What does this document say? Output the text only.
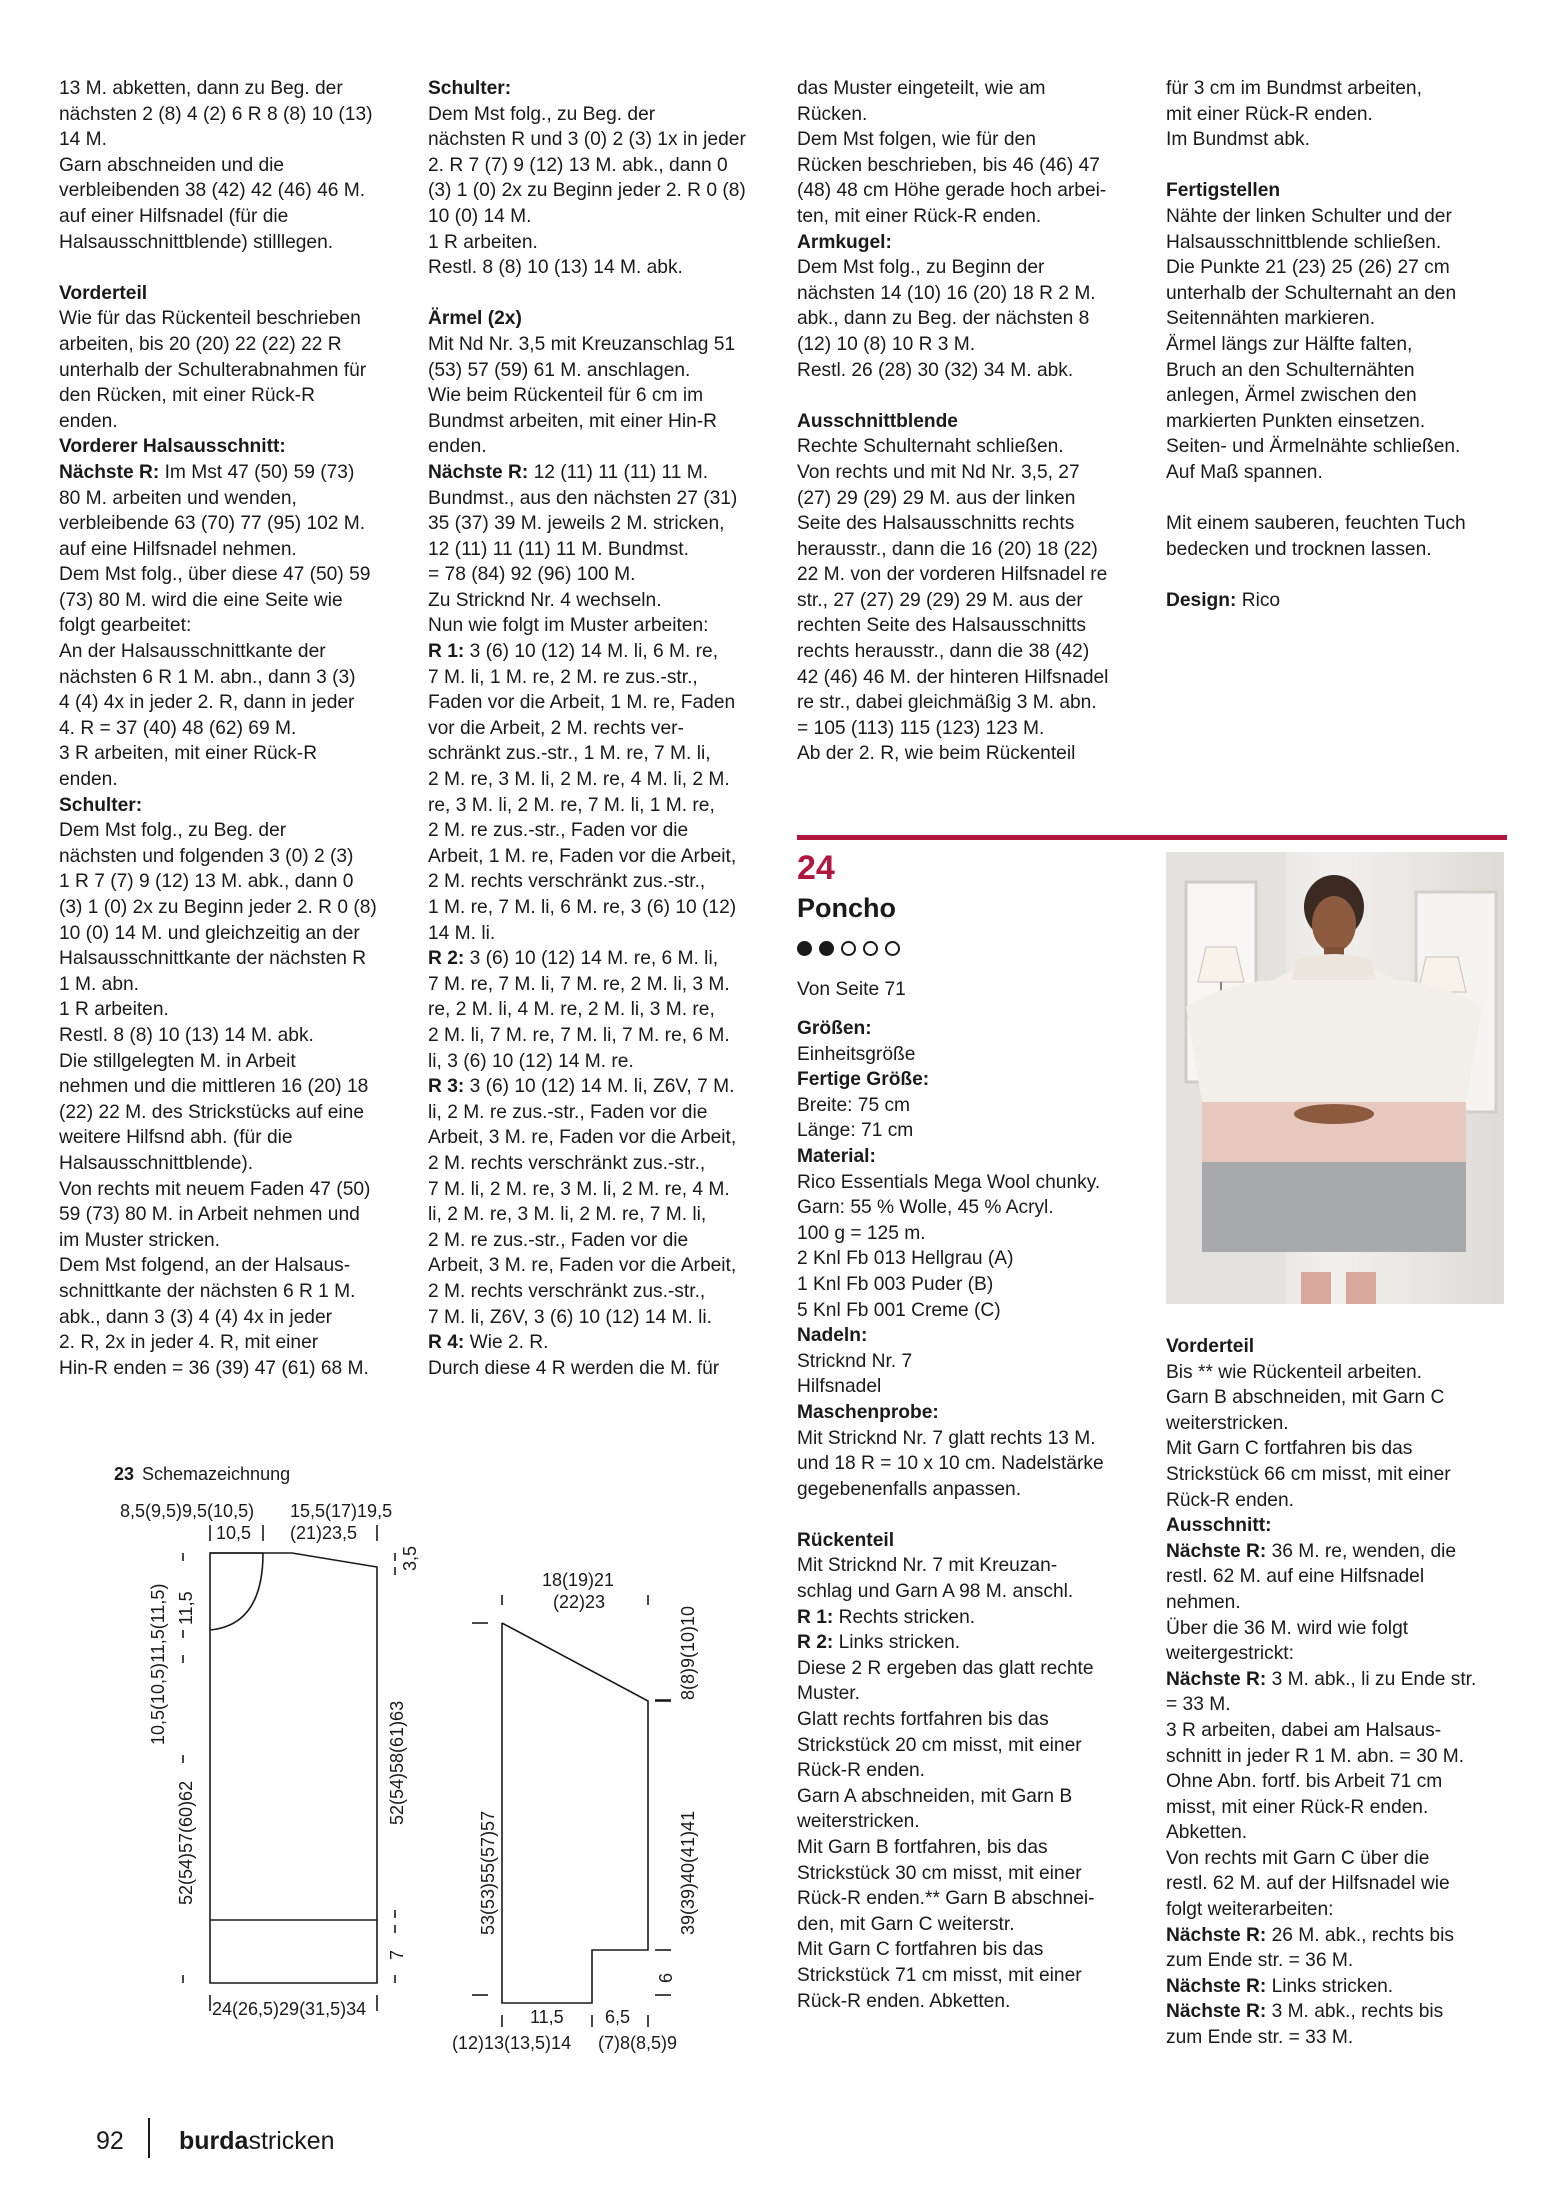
13 M. abketten, dann zu Beg. der

nächsten 2 (8) 4 (2) 6 R 8 (8) 10 (13)

14 M.

Garn abschneiden und die

verbleibenden 38 (42) 42 (46) 46 M.

auf einer Hilfsnadel (für die

Halsausschnittblende) stilllegen.

Vorderteil

Wie für das Rückenteil beschrieben

arbeiten, bis 20 (20) 22 (22) 22 R

unterhalb der Schulterabnahmen für

den Rücken, mit einer Rück-R

enden.

Vorderer Halsausschnitt:

Nächste R: Im Mst 47 (50) 59 (73)

80 M. arbeiten und wenden,

verbleibende 63 (70) 77 (95) 102 M.

auf eine Hilfsnadel nehmen.

Dem Mst folg., über diese 47 (50) 59

(73) 80 M. wird die eine Seite wie

folgt gearbeitet:

An der Halsausschnittkante der

nächsten 6 R 1 M. abn., dann 3 (3)

4 (4) 4x in jeder 2. R, dann in jeder

4. R = 37 (40) 48 (62) 69 M.

3 R arbeiten, mit einer Rück-R

enden.

Schulter:

Dem Mst folg., zu Beg. der

nächsten und folgenden 3 (0) 2 (3)

1 R 7 (7) 9 (12) 13 M. abk., dann 0

(3) 1 (0) 2x zu Beginn jeder 2. R 0 (8)

10 (0) 14 M. und gleichzeitig an der

Halsausschnittkante der nächsten R

1 M. abn.

1 R arbeiten.

Restl. 8 (8) 10 (13) 14 M. abk.

Die stillgelegten M. in Arbeit

nehmen und die mittleren 16 (20) 18

(22) 22 M. des Strickstücks auf eine

weitere Hilfsnd abh. (für die

Halsausschnittblende).

Von rechts mit neuem Faden 47 (50)

59 (73) 80 M. in Arbeit nehmen und

im Muster stricken.

Dem Mst folgend, an der Halsaus-

schnittkante der nächsten 6 R 1 M.

abk., dann 3 (3) 4 (4) 4x in jeder

2. R, 2x in jeder 4. R, mit einer

Hin-R enden = 36 (39) 47 (61) 68 M.

Schulter:

Dem Mst folg., zu Beg. der

nächsten R und 3 (0) 2 (3) 1x in jeder

2. R 7 (7) 9 (12) 13 M. abk., dann 0

(3) 1 (0) 2x zu Beginn jeder 2. R 0 (8)

10 (0) 14 M.

1 R arbeiten.

Restl. 8 (8) 10 (13) 14 M. abk.

Ärmel (2x)

Mit Nd Nr. 3,5 mit Kreuzanschlag 51

(53) 57 (59) 61 M. anschlagen.

Wie beim Rückenteil für 6 cm im

Bundmst arbeiten, mit einer Hin-R

enden.

Nächste R: 12 (11) 11 (11) 11 M.

Bundmst., aus den nächsten 27 (31)

35 (37) 39 M. jeweils 2 M. stricken,

12 (11) 11 (11) 11 M. Bundmst.

= 78 (84) 92 (96) 100 M.

Zu Stricknd Nr. 4 wechseln.

Nun wie folgt im Muster arbeiten:

R 1: 3 (6) 10 (12) 14 M. li, 6 M. re,

7 M. li, 1 M. re, 2 M. re zus.-str.,

Faden vor die Arbeit, 1 M. re, Faden

vor die Arbeit, 2 M. rechts ver-

schränkt zus.-str., 1 M. re, 7 M. li,

2 M. re, 3 M. li, 2 M. re, 4 M. li, 2 M.

re, 3 M. li, 2 M. re, 7 M. li, 1 M. re,

2 M. re zus.-str., Faden vor die

Arbeit, 1 M. re, Faden vor die Arbeit,

2 M. rechts verschränkt zus.-str.,

1 M. re, 7 M. li, 6 M. re, 3 (6) 10 (12)

14 M. li.

R 2: 3 (6) 10 (12) 14 M. re, 6 M. li,

7 M. re, 7 M. li, 7 M. re, 2 M. li, 3 M.

re, 2 M. li, 4 M. re, 2 M. li, 3 M. re,

2 M. li, 7 M. re, 7 M. li, 7 M. re, 6 M.

li, 3 (6) 10 (12) 14 M. re.

R 3: 3 (6) 10 (12) 14 M. li, Z6V, 7 M.

li, 2 M. re zus.-str., Faden vor die

Arbeit, 3 M. re, Faden vor die Arbeit,

2 M. rechts verschränkt zus.-str.,

7 M. li, 2 M. re, 3 M. li, 2 M. re, 4 M.

li, 2 M. re, 3 M. li, 2 M. re, 7 M. li,

2 M. re zus.-str., Faden vor die

Arbeit, 3 M. re, Faden vor die Arbeit,

2 M. rechts verschränkt zus.-str.,

7 M. li, Z6V, 3 (6) 10 (12) 14 M. li.

R 4: Wie 2. R.

Durch diese 4 R werden die M. für

das Muster eingeteilt, wie am

Rücken.

Dem Mst folgen, wie für den

Rücken beschrieben, bis 46 (46) 47

(48) 48 cm Höhe gerade hoch arbei-

ten, mit einer Rück-R enden.

Armkugel:

Dem Mst folg., zu Beginn der

nächsten 14 (10) 16 (20) 18 R 2 M.

abk., dann zu Beg. der nächsten 8

(12) 10 (8) 10 R 3 M.

Restl. 26 (28) 30 (32) 34 M. abk.

Ausschnittblende

Rechte Schulternaht schließen.

Von rechts und mit Nd Nr. 3,5, 27

(27) 29 (29) 29 M. aus der linken

Seite des Halsausschnitts rechts

herausstr., dann die 16 (20) 18 (22)

22 M. von der vorderen Hilfsnadel re

str., 27 (27) 29 (29) 29 M. aus der

rechten Seite des Halsausschnitts

rechts herausstr., dann die 38 (42)

42 (46) 46 M. der hinteren Hilfsnadel

re str., dabei gleichmäßig 3 M. abn.

= 105 (113) 115 (123) 123 M.

Ab der 2. R, wie beim Rückenteil

für 3 cm im Bundmst arbeiten,

mit einer Rück-R enden.

Im Bundmst abk.

Fertigstellen

Nähte der linken Schulter und der

Halsausschnittblende schließen.

Die Punkte 21 (23) 25 (26) 27 cm

unterhalb der Schulternaht an den

Seitennähten markieren.

Ärmel längs zur Hälfte falten,

Bruch an den Schulternähten

anlegen, Ärmel zwischen den

markierten Punkten einsetzen.

Seiten- und Ärmelnähte schließen.

Auf Maß spannen.

Mit einem sauberen, feuchten Tuch

bedecken und trocknen lassen.

Design: Rico

24
Poncho
Von Seite 71

Größen:

Einheitsgröße

Fertige Größe:

Breite: 75 cm

Länge: 71 cm

Material:

Rico Essentials Mega Wool chunky.

Garn: 55 % Wolle, 45 % Acryl.

100 g = 125 m.

2 Knl Fb 013 Hellgrau (A)

1 Knl Fb 003 Puder (B)

5 Knl Fb 001 Creme (C)

Nadeln:

Stricknd Nr. 7

Hilfsnadel

Maschenprobe:

Mit Stricknd Nr. 7 glatt rechts 13 M.

und 18 R = 10 x 10 cm. Nadelstärke

gegebenenfalls anpassen.

Rückenteil

Mit Stricknd Nr. 7 mit Kreuzan-

schlag und Garn A 98 M. anschl.

R 1: Rechts stricken.

R 2: Links stricken.

Diese 2 R ergeben das glatt rechte

Muster.

Glatt rechts fortfahren bis das

Strickstück 20 cm misst, mit einer

Rück-R enden.

Garn A abschneiden, mit Garn B

weiterstricken.

Mit Garn B fortfahren, bis das

Strickstück 30 cm misst, mit einer

Rück-R enden.** Garn B abschnei-

den, mit Garn C weiterstr.

Mit Garn C fortfahren bis das

Strickstück 71 cm misst, mit einer

Rück-R enden. Abketten.

Vorderteil

Bis ** wie Rückenteil arbeiten.

Garn B abschneiden, mit Garn C

weiterstricken.

Mit Garn C fortfahren bis das

Strickstück 66 cm misst, mit einer

Rück-R enden.

Ausschnitt:

Nächste R: 36 M. re, wenden, die

restl. 62 M. auf eine Hilfsnadel

nehmen.

Über die 36 M. wird wie folgt

weitergestrickt:

Nächste R: 3 M. abk., li zu Ende str.

= 33 M.

3 R arbeiten, dabei am Halsaus-

schnitt in jeder R 1 M. abn. = 30 M.

Ohne Abn. fortf. bis Arbeit 71 cm

misst, mit einer Rück-R enden.

Abketten.

Von rechts mit Garn C über die

restl. 62 M. auf der Hilfsnadel wie

folgt weiterarbeiten:

Nächste R: 26 M. abk., rechts bis

zum Ende str. = 36 M.

Nächste R: Links stricken.

Nächste R: 3 M. abk., rechts bis

zum Ende str. = 33 M.

23 Schemazeichnung
8,5(9,5)9,5(10,5)
10,5
15,5(17)19,5
(21)23,5
3,5
10,5(10,5)11,5(11,5) 11,5
52(54)57(60)62
52(54)58(61)63
7
24(26,5)29(31,5)34
18(19)21
(22)23
8(8)9(10)10
53(53)55(57)57	39(39)40(41)41
6
11,5
(12)13(13,5)14
6,5
(7)8(8,5)9
92 burdastricken
